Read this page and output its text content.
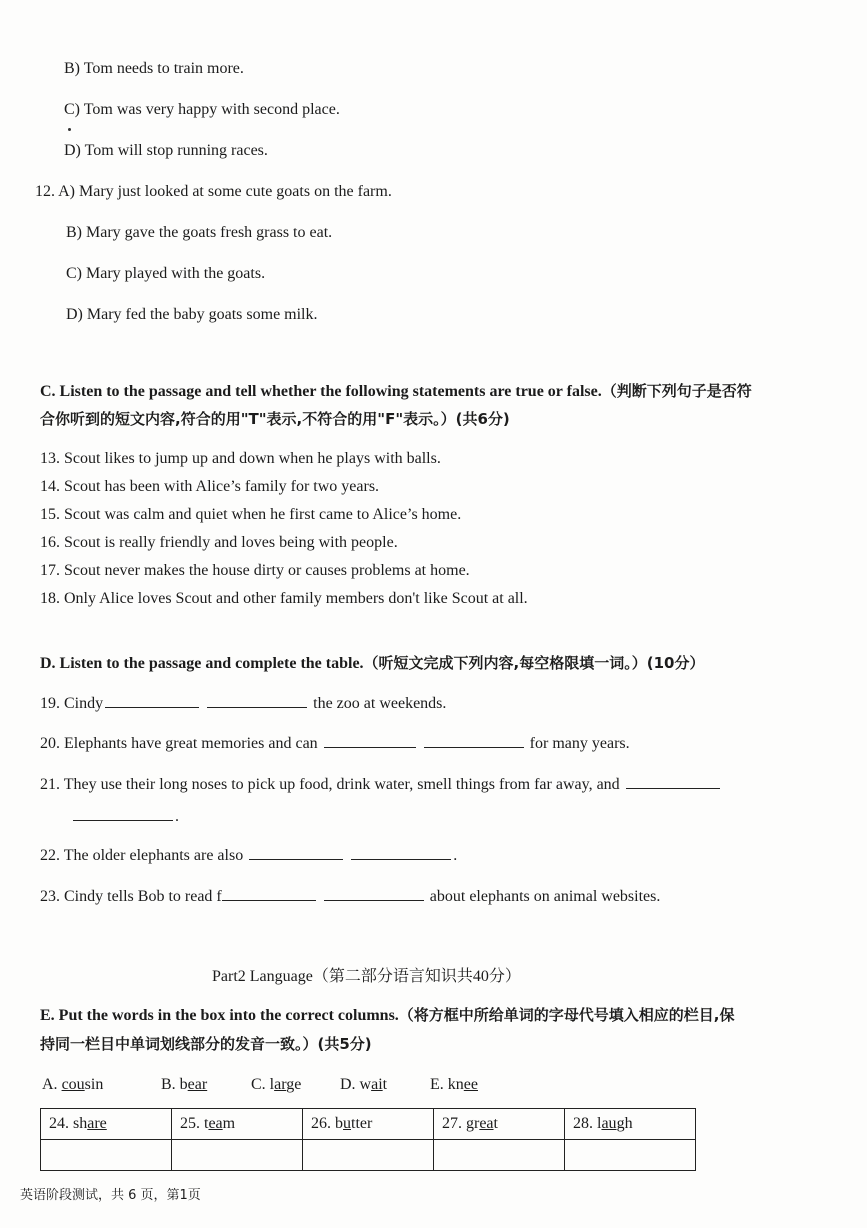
B) Tom needs to train more.
C) Tom was very happy with second place.
D) Tom will stop running races.
12. A) Mary just looked at some cute goats on the farm.
B) Mary gave the goats fresh grass to eat.
C) Mary played with the goats.
D) Mary fed the baby goats some milk.
C. Listen to the passage and tell whether the following statements are true or false.（判断下列句子是否符
合你听到的短文内容,符合的用"T"表示,不符合的用"F"表示。）(共6分)
13. Scout likes to jump up and down when he plays with balls.
14. Scout has been with Alice’s family for two years.
15. Scout was calm and quiet when he first came to Alice’s home.
16. Scout is really friendly and loves being with people.
17. Scout never makes the house dirty or causes problems at home.
18. Only Alice loves Scout and other family members don't like Scout at all.
D. Listen to the passage and complete the table.（听短文完成下列内容,每空格限填一词。）(10分）
19. Cindy	the zoo at weekends.
20. Elephants have great memories and can	for many years.
21. They use their long noses to pick up food, drink water, smell things from far away, and
.
22. The older elephants are also	.
23. Cindy tells Bob to read f	about elephants on animal websites.
Part2 Language（第二部分语言知识共40分）
E. Put the words in the box into the correct columns.（将方框中所给单词的字母代号填入相应的栏目,保
持同一栏目中单词划线部分的发音一致。）(共5分)
A. cousin	B. bear	C. large D. wait	E. knee
24. share	25. team	26. butter	27. great	28. laugh

英语阶段测试，共 6 页，第1页
